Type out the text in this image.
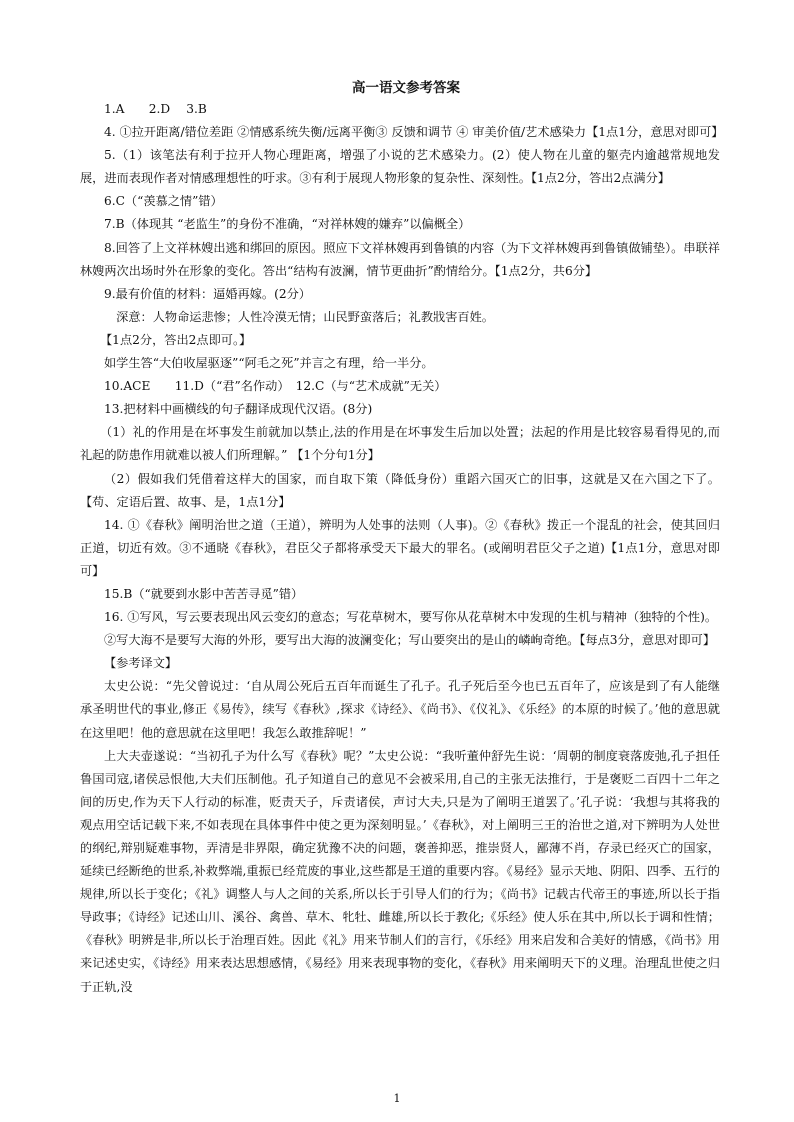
高一语文参考答案

1.A　　2.D　 3.B

4. ①拉开距离/错位差距 ②情感系统失衡/远离平衡③ 反馈和调节 ④ 审美价值/艺术感染力【1点1分，意思对即可】

5.（1）该笔法有利于拉开人物心理距离，增强了小说的艺术感染力。(2）使人物在儿童的躯壳内逾越常规地发展，进而表现作者对情感理想性的吁求。③有利于展现人物形象的复杂性、深刻性。【1点2分，答出2点满分】

6.C（“羡慕之情”错）

7.B（体现其 “老监生”的身份不准确，“对祥林嫂的嫌弃”以偏概全）

8.回答了上文祥林嫂出逃和绑回的原因。照应下文祥林嫂再到鲁镇的内容（为下文祥林嫂再到鲁镇做铺垫）。串联祥林嫂两次出场时外在形象的变化。答出“结构有波澜，情节更曲折”酌情给分。【1点2分，共6分】

9.最有价值的材料：逼婚再嫁。(2分）

　深意：人物命运悲惨；人性冷漠无情；山民野蛮落后；礼教戕害百姓。

【1点2分，答出2点即可。】

如学生答“大伯收屋驱逐”“阿毛之死”并言之有理，给一半分。

10.ACE　　11.D（“君”名作动）　12.C（与“艺术成就”无关）

13.把材料中画横线的句子翻译成现代汉语。(8分)

（1）礼的作用是在坏事发生前就加以禁止,法的作用是在坏事发生后加以处置；法起的作用是比较容易看得见的,而礼起的防患作用就难以被人们所理解。” 【1个分句1分】

（2）假如我们凭借着这样大的国家，而自取下策（降低身份）重蹈六国灭亡的旧事，这就是又在六国之下了。【苟、定语后置、故事、是，1点1分】

14. ①《春秋》阐明治世之道（王道），辨明为人处事的法则（人事)。②《春秋》拨正一个混乱的社会，使其回归正道，切近有效。③不通晓《春秋》，君臣父子都将承受天下最大的罪名。(或阐明君臣父子之道)【1点1分，意思对即可】

15.B（“就要到水影中苦苦寻觅”错）

16. ①写风，写云要表现出风云变幻的意态；写花草树木，要写你从花草树木中发现的生机与精神（独特的个性)。

②写大海不是要写大海的外形，要写出大海的波澜变化；写山要突出的是山的嶙峋奇绝。【每点3分，意思对即可】

【参考译文】

太史公说：“先父曾说过：‘自从周公死后五百年而诞生了孔子。孔子死后至今也已五百年了，应该是到了有人能继承圣明世代的事业,修正《易传》，续写《春秋》,探求《诗经》、《尚书》、《仪礼》、《乐经》的本原的时候了。’他的意思就在这里吧！他的意思就在这里吧！我怎么敢推辞呢！”

上大夫壶遂说：“当初孔子为什么写《春秋》呢？”太史公说：“我听董仲舒先生说：‘周朝的制度衰落废弛,孔子担任鲁国司寇,诸侯忌恨他,大夫们压制他。孔子知道自己的意见不会被采用,自己的主张无法推行，于是褒贬二百四十二年之间的历史,作为天下人行动的标准，贬责天子，斥责诸侯，声讨大夫,只是为了阐明王道罢了。’孔子说：‘我想与其将我的观点用空话记载下来,不如表现在具体事件中使之更为深刻明显。’《春秋》，对上阐明三王的治世之道,对下辨明为人处世的纲纪,辩别疑难事物，弄清是非界限，确定犹豫不决的问题，褒善抑恶，推崇贤人，鄙薄不肖，存录已经灭亡的国家，延续已经断绝的世系,补救弊端,重振已经荒废的事业,这些都是王道的重要内容。《易经》显示天地、阴阳、四季、五行的规律,所以长于变化；《礼》调整人与人之间的关系,所以长于引导人们的行为；《尚书》记载古代帝王的事迹,所以长于指导政事；《诗经》记述山川、溪谷、禽兽、草木、牝牡、雌雄,所以长于教化;《乐经》使人乐在其中,所以长于调和性情；《春秋》明辨是非,所以长于治理百姓。因此《礼》用来节制人们的言行，《乐经》用来启发和合美好的情感，《尚书》用来记述史实，《诗经》用来表达思想感情，《易经》用来表现事物的变化，《春秋》用来阐明天下的义理。治理乱世使之归于正轨,没

1
